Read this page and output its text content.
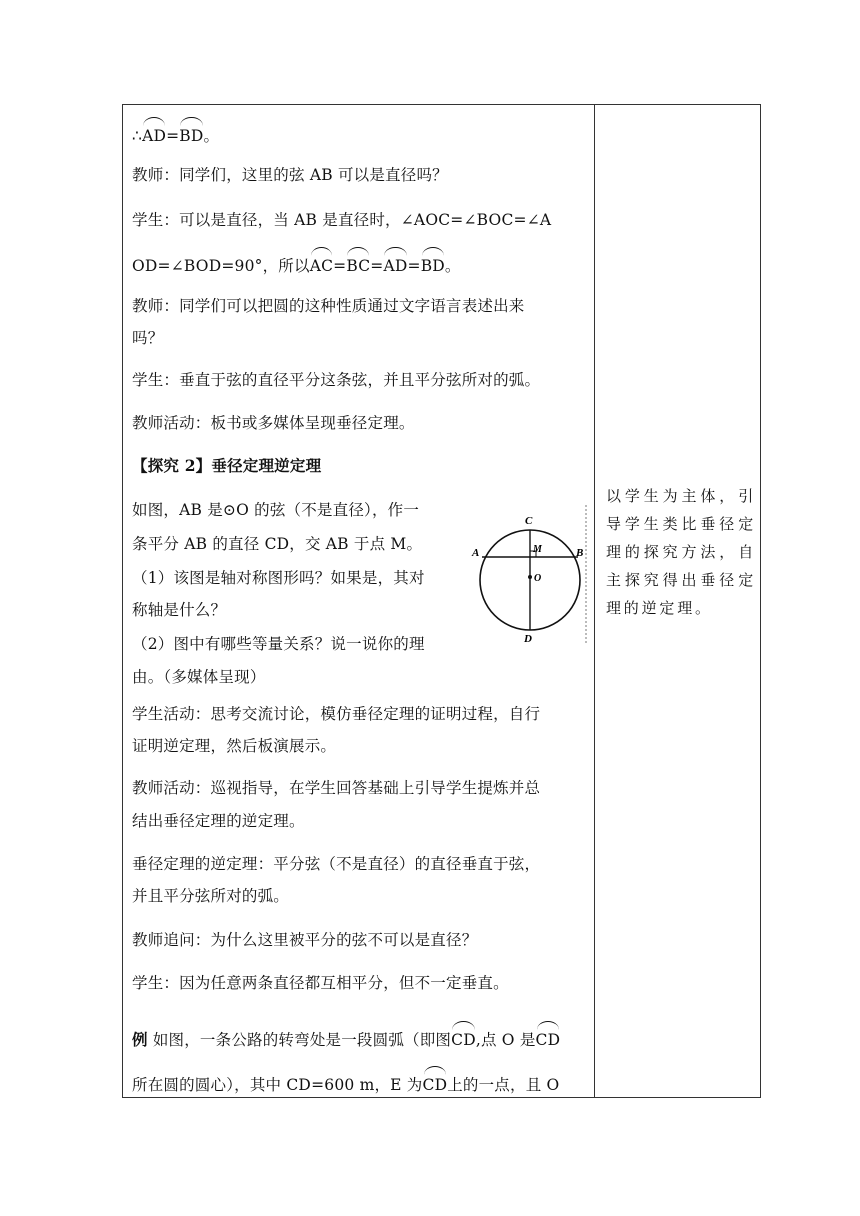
∴AD=BD。
教师：同学们，这里的弦 AB 可以是直径吗？
学生：可以是直径，当 AB 是直径时，∠AOC=∠BOC=∠A
OD=∠BOD=90°，所以AC=BC=AD=BD。
教师：同学们可以把圆的这种性质通过文字语言表述出来
吗？
学生：垂直于弦的直径平分这条弦，并且平分弦所对的弧。
教师活动：板书或多媒体呈现垂径定理。
【探究 2】垂径定理逆定理
如图，AB 是⊙O 的弦（不是直径），作一
条平分 AB 的直径 CD，交 AB 于点 M。
（1）该图是轴对称图形吗？如果是，其对
称轴是什么？
（2）图中有哪些等量关系？说一说你的理
由。（多媒体呈现）
C
A	B
M
O
D
学生活动：思考交流讨论，模仿垂径定理的证明过程，自行
证明逆定理，然后板演展示。
教师活动：巡视指导，在学生回答基础上引导学生提炼并总
结出垂径定理的逆定理。
垂径定理的逆定理：平分弦（不是直径）的直径垂直于弦，
并且平分弦所对的弧。
教师追问：为什么这里被平分的弦不可以是直径？
学生：因为任意两条直径都互相平分，但不一定垂直。
例 如图，一条公路的转弯处是一段圆弧（即图CD,点 O 是CD
所在圆的圆心），其中 CD=600 m，E 为CD上的一点，且 O
以学生为主体，引导学生类比垂径定理的探究方法，自主探究得出垂径定理的逆定理。
